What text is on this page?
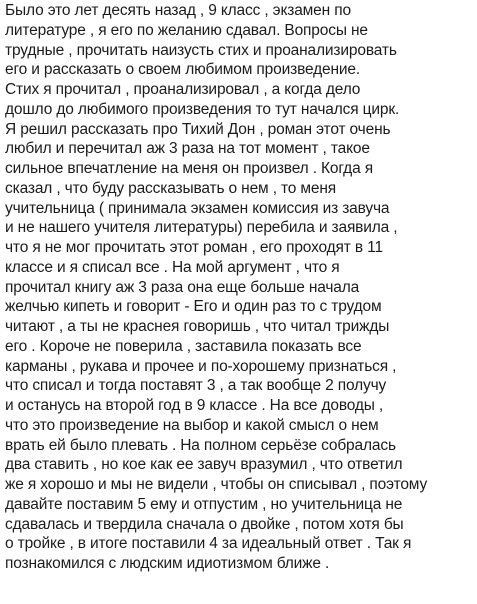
Было это лет десять назад , 9 класс , экзамен по
литературе , я его по желанию сдавал. Вопросы не
трудные , прочитать наизусть стих и проанализировать
его и рассказать о своем любимом произведение.
Стих я прочитал , проанализировал , а когда дело
дошло до любимого произведения то тут начался цирк.
Я решил рассказать про Тихий Дон , роман этот очень
любил и перечитал аж 3 раза на тот момент , такое
сильное впечатление на меня он произвел . Когда я
сказал , что буду рассказывать о нем , то меня
учительница ( принимала экзамен комиссия из завуча
и не нашего учителя литературы) перебила и заявила ,
что я не мог прочитать этот роман , его проходят в 11
классе и я списал все . На мой аргумент , что я
прочитал книгу аж 3 раза она еще больше начала
желчью кипеть и говорит - Его и один раз то с трудом
читают , а ты не краснея говоришь , что читал трижды
его . Короче не поверила , заставила показать все
карманы , рукава и прочее и по-хорошему признаться ,
что списал и тогда поставят 3 , а так вообще 2 получу
и останусь на второй год в 9 классе . На все доводы ,
что это произведение на выбор и какой смысл о нем
врать ей было плевать . На полном серьёзе собралась
два ставить , но кое как ее завуч вразумил , что ответил
же я хорошо и мы не видели , чтобы он списывал , поэтому
давайте поставим 5 ему и отпустим , но учительница не
сдавалась и твердила сначала о двойке , потом хотя бы
о тройке , в итоге поставили 4 за идеальный ответ . Так я
познакомился с людским идиотизмом ближе .
